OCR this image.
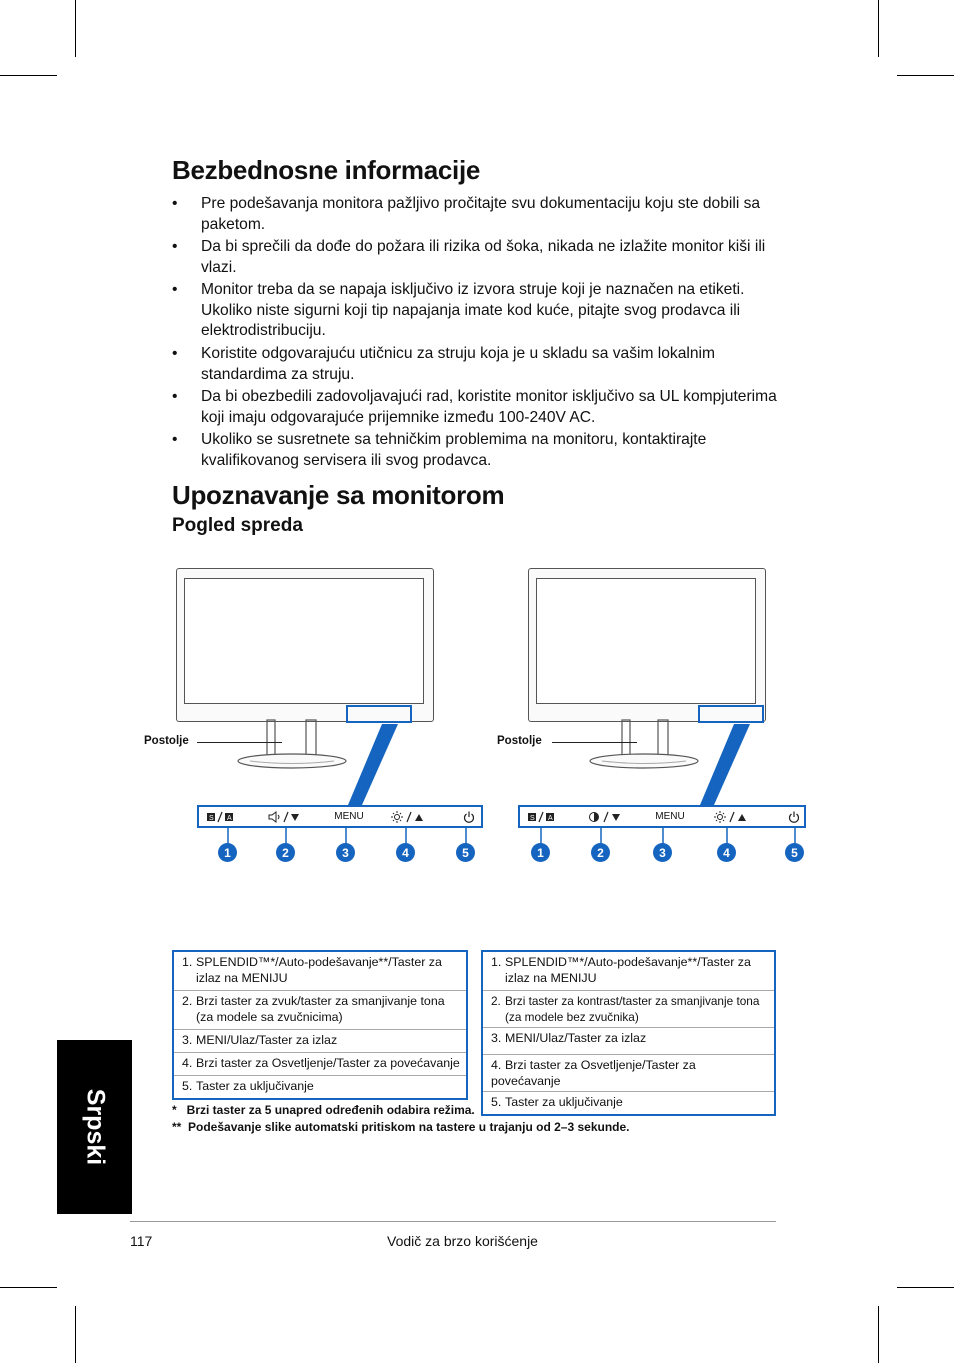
Bezbednosne informacije
• Pre podešavanja monitora pažljivo pročitajte svu dokumentaciju koju ste dobili sa paketom.
• Da bi sprečili da dođe do požara ili rizika od šoka, nikada ne izlažite monitor kiši ili vlazi.
• Monitor treba da se napaja isključivo iz izvora struje koji je naznačen na etiketi. Ukoliko niste sigurni koji tip napajanja imate kod kuće, pitajte svog prodavca ili elektrodistribuciju.
• Koristite odgovarajuću utičnicu za struju koja je u skladu sa vašim lokalnim standardima za struju.
• Da bi obezbedili zadovoljavajući rad, koristite monitor isključivo sa UL kompjuterima koji imaju odgovarajuće prijemnike između 100-240V AC.
• Ukoliko se susretnete sa tehničkim problemima na monitoru, kontaktirajte kvalifikovanog servisera ili svog prodavca.
Upoznavanje sa monitorom
Pogled spreda
Postolje	Postolje
S A	MENU	S A	MENU
1	2	3	4	5	1	2	3	4	5
1. SPLENDID™*/Auto-podešavanje**/Taster za
izlaz na MENIJU

2. Brzi taster za zvuk/taster za smanjivanje tona
(za modele sa zvučnicima)

3. MENI/Ulaz/Taster za izlaz
4. Brzi taster za Osvetljenje/Taster za povećavanje
5. Taster za uključivanje
1. SPLENDID™*/Auto-podešavanje**/Taster za
izlaz na MENIJU

2. Brzi taster za kontrast/taster za smanjivanje tona
(za modele bez zvučnika)

3. MENI/Ulaz/Taster za izlaz
4. Brzi taster za Osvetljenje/Taster za povećavanje
5. Taster za uključivanje
*   Brzi taster za 5 unapred određenih odabira režima.
**  Podešavanje slike automatski pritiskom na tastere u trajanju od 2–3 sekunde.
Srpski
117	Vodič za brzo korišćenje
